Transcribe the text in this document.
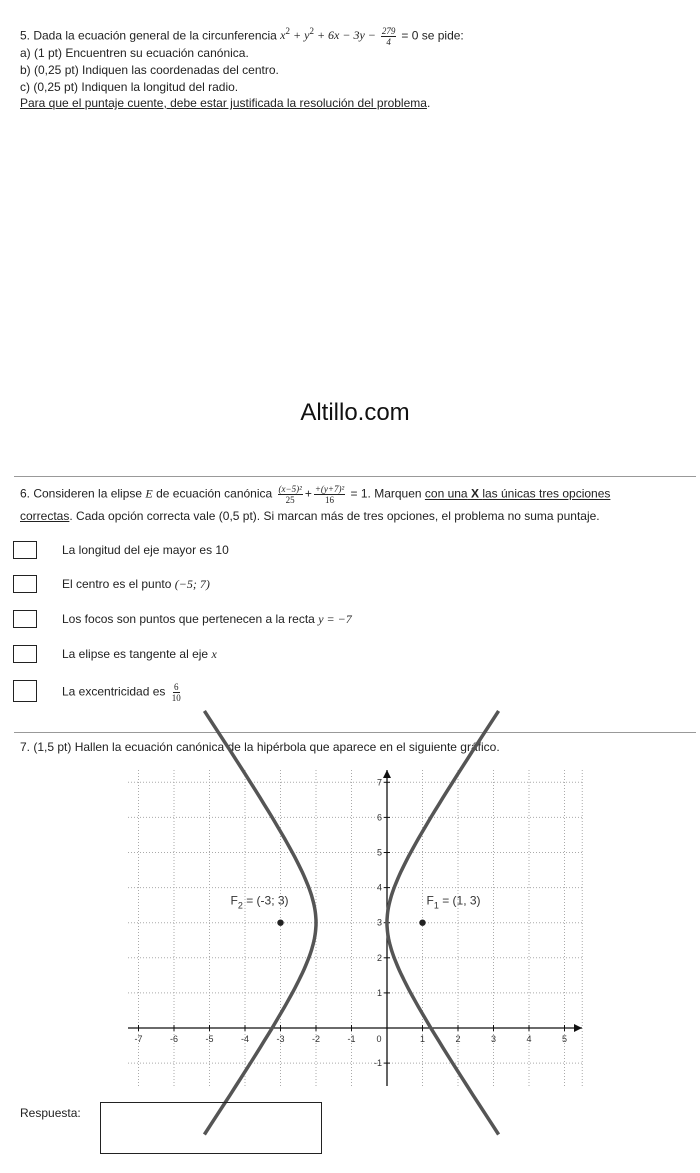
5. Dada la ecuación general de la circunferencia $x^2 + y^2 + 6x - 3y - \frac{279}{4} = 0$ se pide:
a) (1 pt) Encuentren su ecuación canónica.
b) (0,25 pt) Indiquen las coordenadas del centro.
c) (0,25 pt) Indiquen la longitud del radio.
Para que el puntaje cuente, debe estar justificada la resolución del problema.
Altillo.com
6. Consideren la elipse E de ecuación canónica $\frac{\text{(x−5)²}}{25} + \frac{\text{+(y+7)²}}{16} = 1$. Marquen con una X las únicas tres opciones
correctas. Cada opción correcta vale (0,5 pt). Si marcan más de tres opciones, el problema no suma puntaje.
La longitud del eje mayor es 10
El centro es el punto (−5; 7)
Los focos son puntos que pertenecen a la recta y = −7
La elipse es tangente al eje x
La excentricidad es $\frac{6}{10}$
7. (1,5 pt) Hallen la ecuación canónica de la hipérbola que aparece en el siguiente gráfico.
-7	-6	-5	-4	-3	-2	-1 0	1	2	3	4	5
-1
1
2
3
4
5
6
7
$F_2 = (-3$; 3)	$F_1 = (1$, 3)
Respuesta:
